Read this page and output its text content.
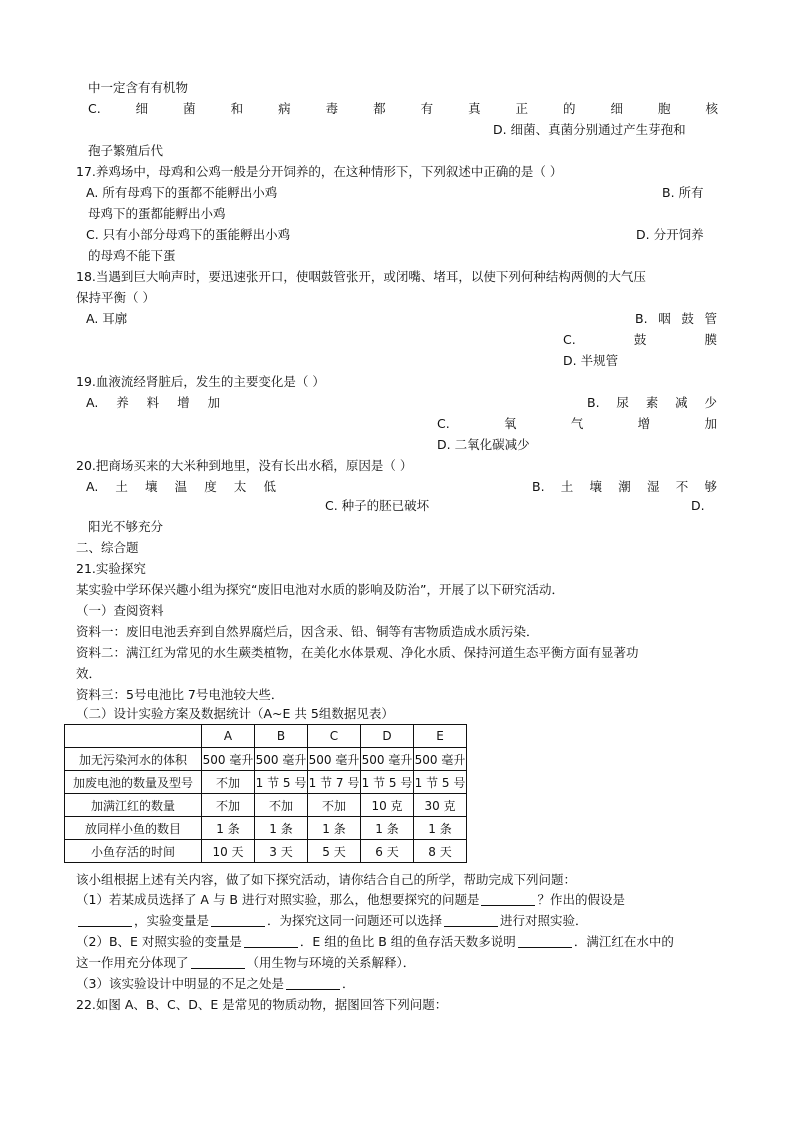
中一定含有有机物
C.	细	菌	和	病	毒	都	有	真	正	的	细	胞	核
D. 细菌、真菌分别通过产生芽孢和
孢子繁殖后代
17.养鸡场中，母鸡和公鸡一般是分开饲养的，在这种情形下，下列叙述中正确的是（ ）
A. 所有母鸡下的蛋都不能孵出小鸡	B. 所有
母鸡下的蛋都能孵出小鸡
C. 只有小部分母鸡下的蛋能孵出小鸡	D. 分开饲养
的母鸡不能下蛋
18.当遇到巨大响声时，要迅速张开口，使咽鼓管张开，或闭嘴、堵耳，以使下列何种结构两侧的大气压
保持平衡（ ）
A. 耳廓	B. 咽 鼓 管
C.	鼓	膜
D. 半规管
19.血液流经肾脏后，发生的主要变化是（ ）
A. 养 料 增 加	B. 尿 素 减 少
C.	氧	气	增	加
D. 二氧化碳减少
20.把商场买来的大米种到地里，没有长出水稻，原因是（ ）
A. 土 壤 温 度 太 低	B. 土 壤 潮 湿 不 够
C. 种子的胚已破坏	D.
阳光不够充分
二、综合题
21.实验探究
某实验中学环保兴趣小组为探究“废旧电池对水质的影响及防治”，开展了以下研究活动．
（一）查阅资料
资料一：废旧电池丢弃到自然界腐烂后，因含汞、铅、铜等有害物质造成水质污染．
资料二：满江红为常见的水生蕨类植物，在美化水体景观、净化水质、保持河道生态平衡方面有显著功
效．
资料三：5号电池比 7号电池较大些．
（二）设计实验方案及数据统计（A~E 共 5组数据见表）
	A	B	C	D	E
加无污染河水的体积	500 毫升	500 毫升	500 毫升	500 毫升	500 毫升
加废电池的数量及型号	不加	1 节 5 号	1 节 7 号	1 节 5 号	1 节 5 号
加满江红的数量	不加	不加	不加	10 克	30 克
放同样小鱼的数目	1 条	1 条	1 条	1 条	1 条
小鱼存活的时间	10 天	3 天	5 天	6 天	8 天
该小组根据上述有关内容，做了如下探究活动，请你结合自己的所学，帮助完成下列问题：
（1）若某成员选择了 A 与 B 进行对照实验，那么，他想要探究的问题是	？作出的假设是
，实验变量是	．为探究这同一问题还可以选择	进行对照实验．
（2）B、E 对照实验的变量是	．E 组的鱼比 B 组的鱼存活天数多说明	．满江红在水中的
这一作用充分体现了	（用生物与环境的关系解释）．
（3）该实验设计中明显的不足之处是	．
22.如图 A、B、C、D、E 是常见的物质动物，据图回答下列问题：
